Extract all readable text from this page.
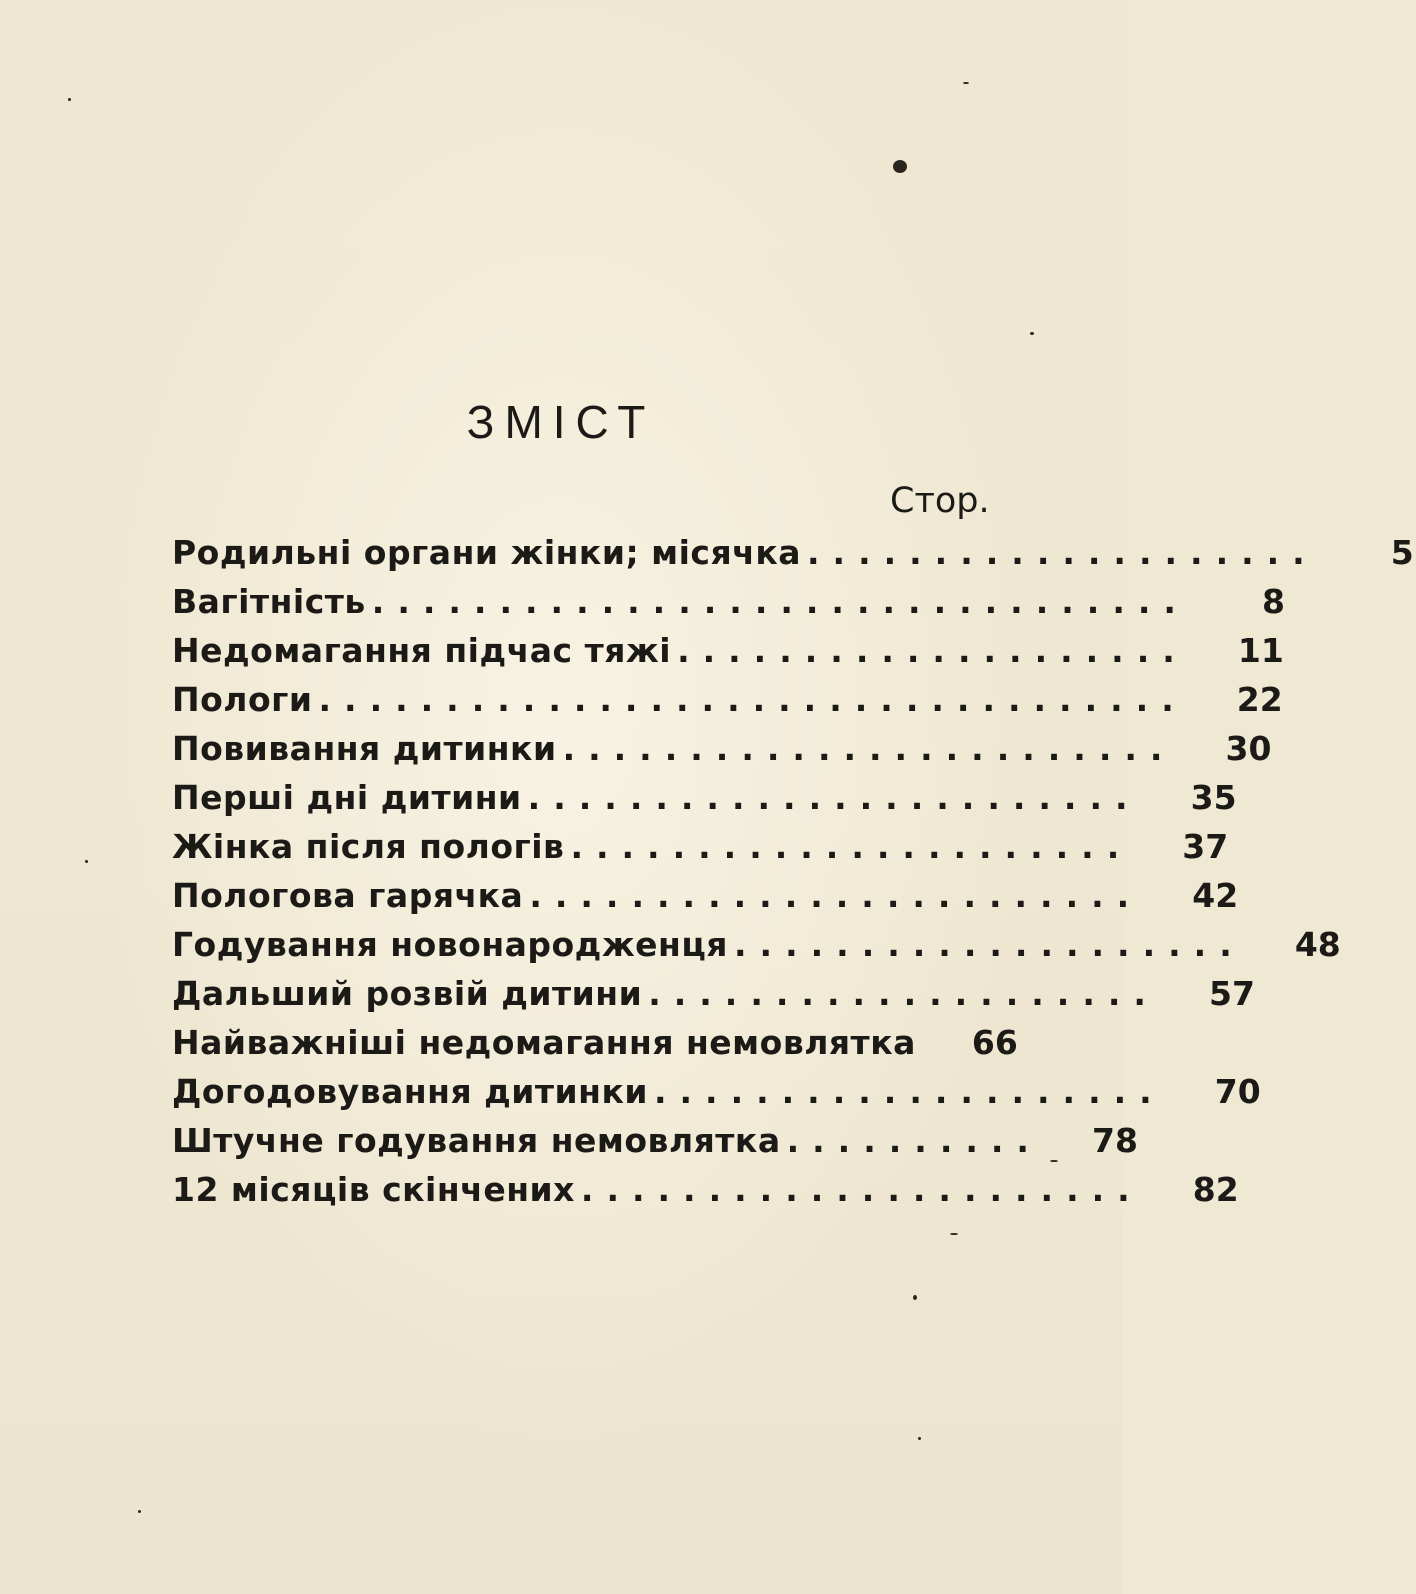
ЗМІСТ
Стор.
Родильні органи жінки; місячка ....................	5
Вагітність ................................	8
Недомагання підчас тяжі ....................	11
Пологи ..................................	22
Повивання дитинки ........................	30
Перші дні дитини ........................	35
Жінка після пологів ......................	37
Пологова гарячка ........................	42
Годування новонародженця ....................	48
Дальший розвій дитини ....................	57
Найважніші недомагання немовлятка	66
Догодовування дитинки ....................	70
Штучне годування немовлятка ..........	78
12 місяців скінчених ......................	82
